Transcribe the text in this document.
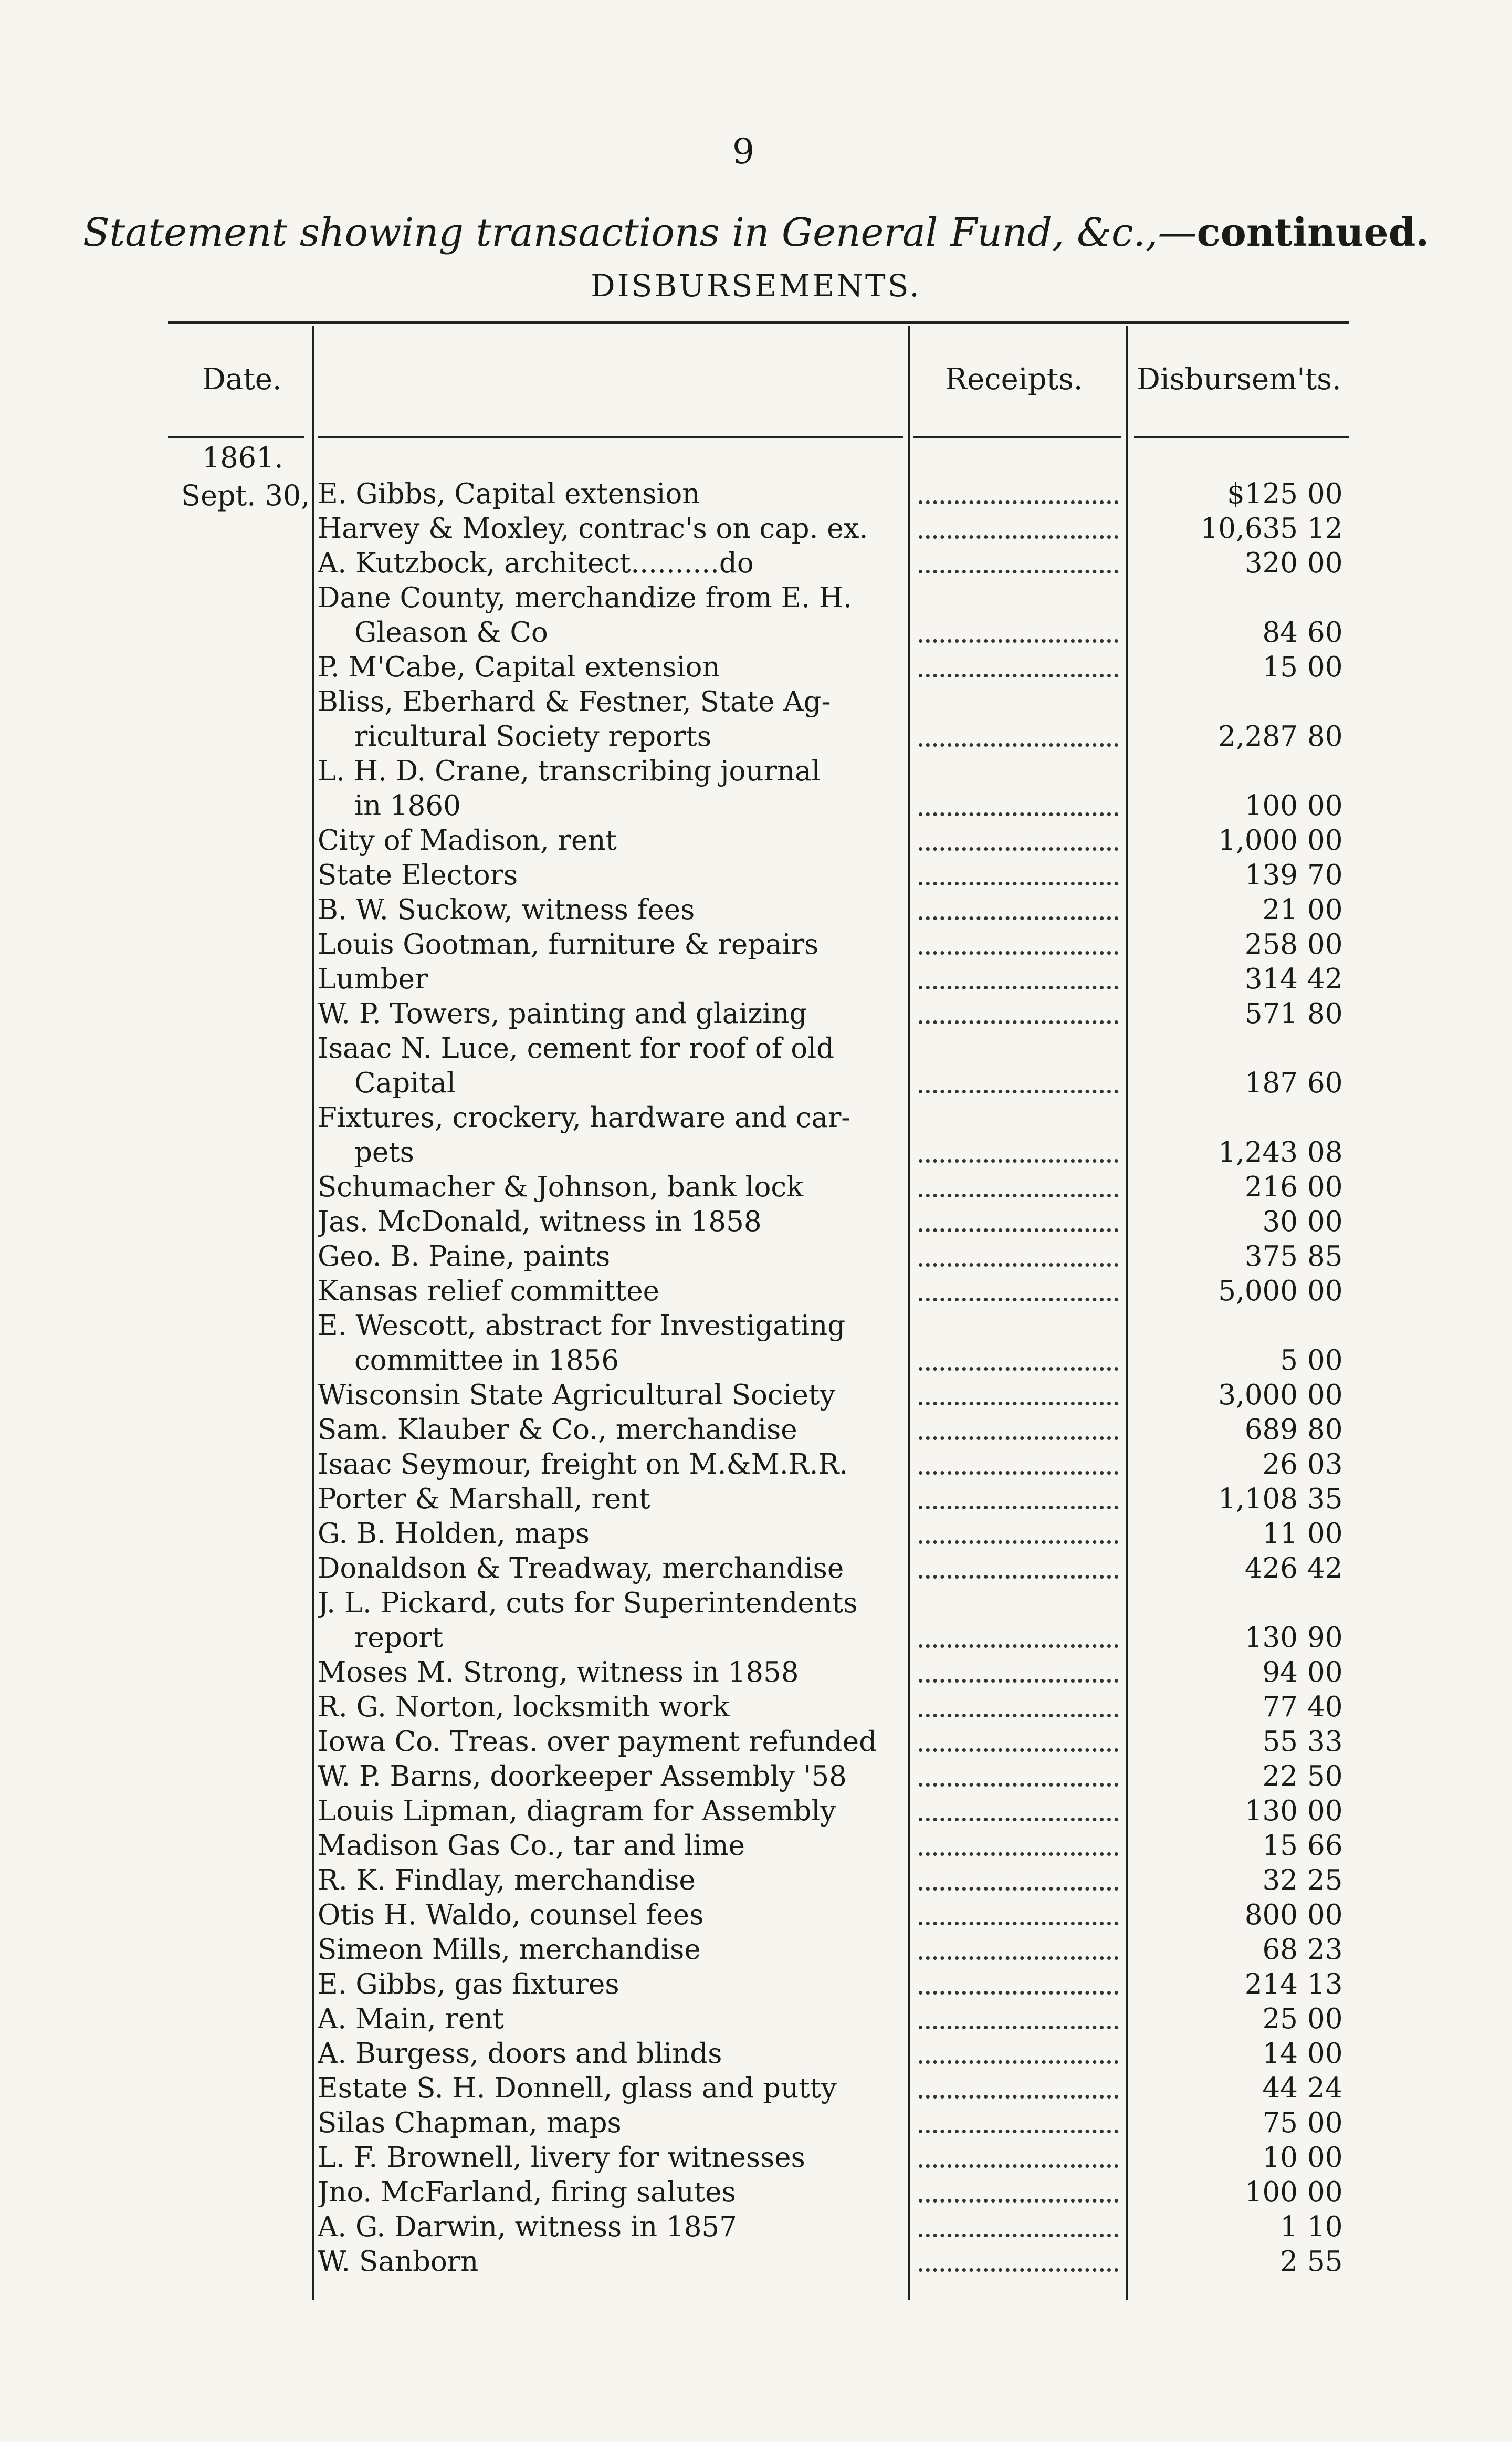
9
Statement showing transactions in General Fund, &c.,—continued.
DISBURSEMENTS.
Date.	Receipts. Disbursem'ts.
1861.
Sept. 30, E. Gibbs, Capital extension	$125 00
Harvey & Moxley, contrac's on cap. ex.	10,635 12
A. Kutzbock, architect..........do	320 00
Dane County, merchandize from E. H.
Gleason & Co	84 60
P. M'Cabe, Capital extension	15 00
Bliss, Eberhard & Festner, State Ag-
ricultural Society reports	2,287 80
L. H. D. Crane, transcribing journal
in 1860	100 00
City of Madison, rent	1,000 00
State Electors	139 70
B. W. Suckow, witness fees	21 00
Louis Gootman, furniture & repairs	258 00
Lumber	314 42
W. P. Towers, painting and glaizing	571 80
Isaac N. Luce, cement for roof of old
Capital	187 60
Fixtures, crockery, hardware and car-
pets	1,243 08
Schumacher & Johnson, bank lock	216 00
Jas. McDonald, witness in 1858	30 00
Geo. B. Paine, paints	375 85
Kansas relief committee	5,000 00
E. Wescott, abstract for Investigating
committee in 1856	5 00
Wisconsin State Agricultural Society	3,000 00
Sam. Klauber & Co., merchandise	689 80
Isaac Seymour, freight on M.&M.R.R.	26 03
Porter & Marshall, rent	1,108 35
G. B. Holden, maps	11 00
Donaldson & Treadway, merchandise	426 42
J. L. Pickard, cuts for Superintendents
report	130 90
Moses M. Strong, witness in 1858	94 00
R. G. Norton, locksmith work	77 40
Iowa Co. Treas. over payment refunded	55 33
W. P. Barns, doorkeeper Assembly '58	22 50
Louis Lipman, diagram for Assembly	130 00
Madison Gas Co., tar and lime	15 66
R. K. Findlay, merchandise	32 25
Otis H. Waldo, counsel fees	800 00
Simeon Mills, merchandise	68 23
E. Gibbs, gas fixtures	214 13
A. Main, rent	25 00
A. Burgess, doors and blinds	14 00
Estate S. H. Donnell, glass and putty	44 24
Silas Chapman, maps	75 00
L. F. Brownell, livery for witnesses	10 00
Jno. McFarland, firing salutes	100 00
A. G. Darwin, witness in 1857	1 10
W. Sanborn	2 55
